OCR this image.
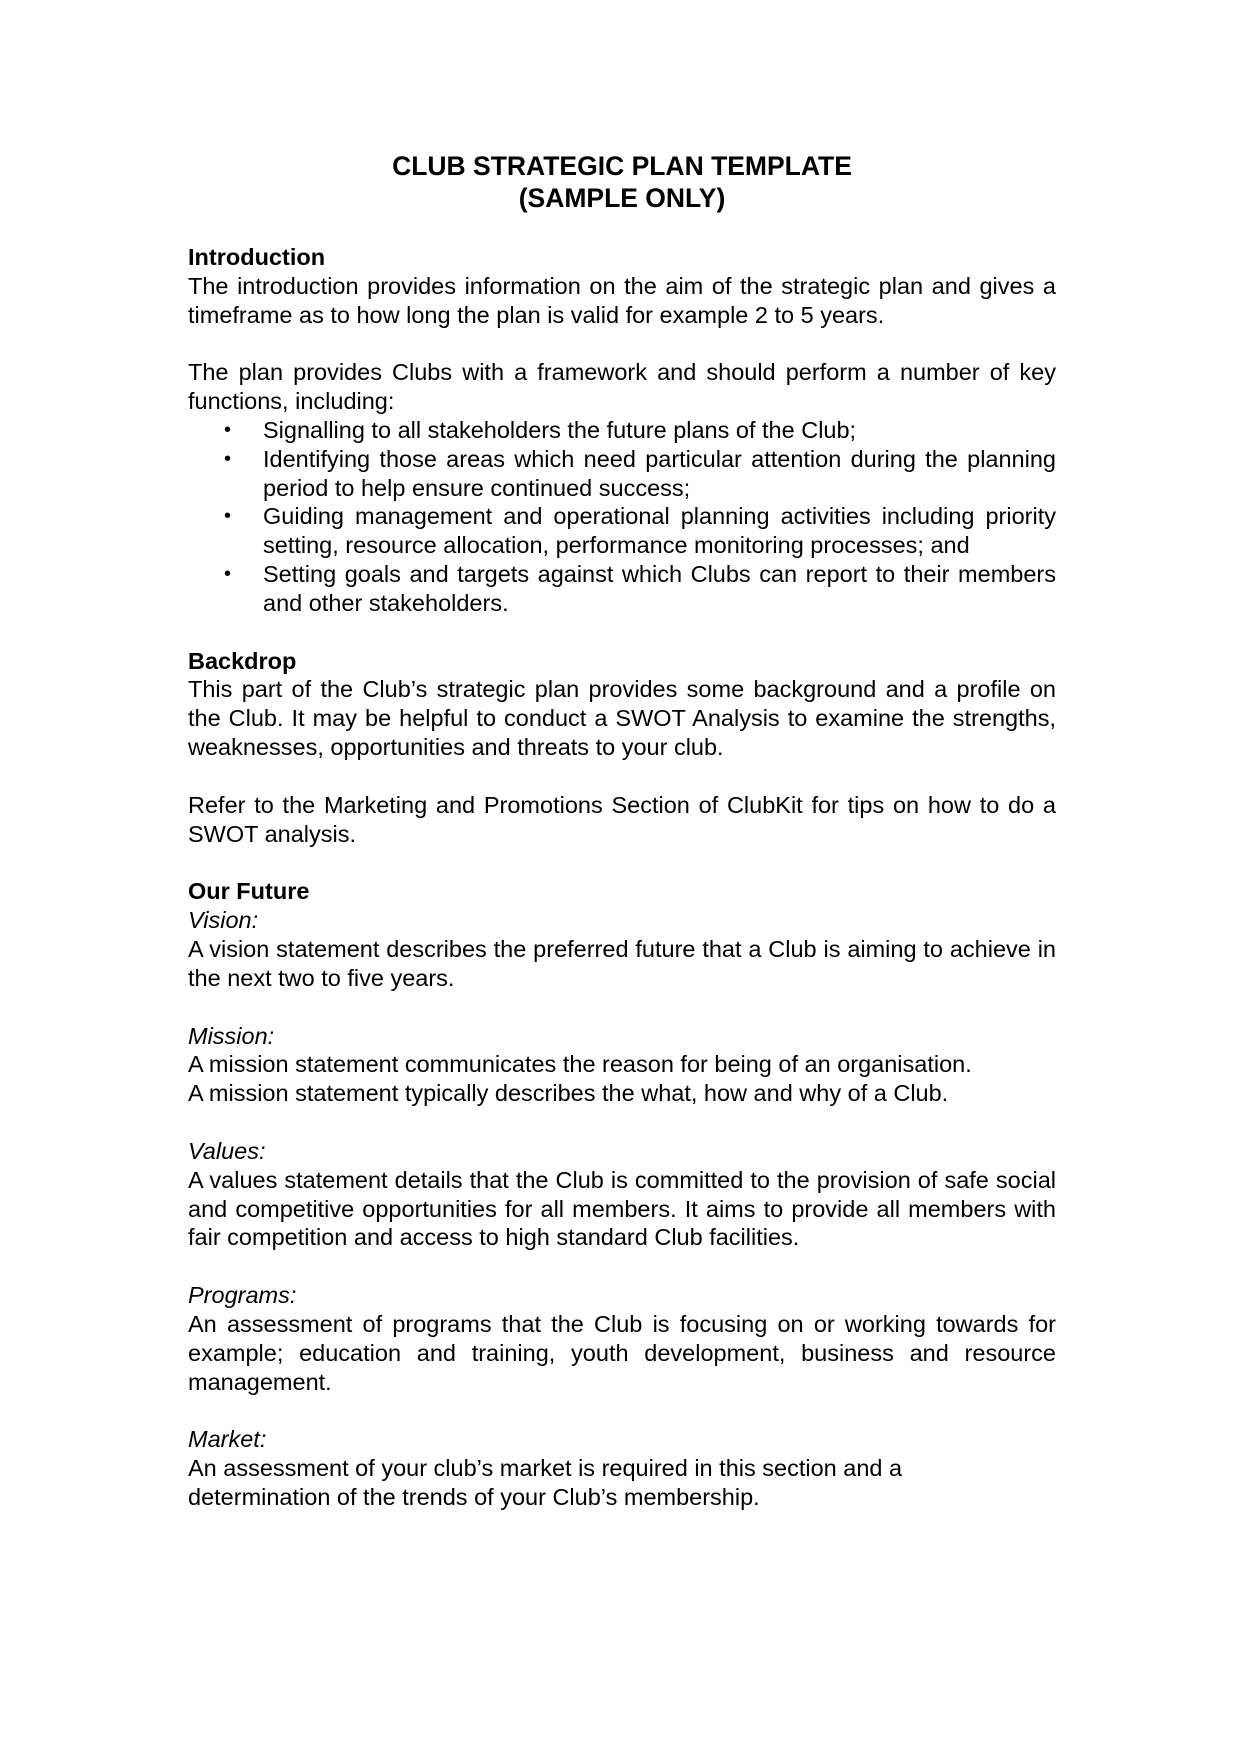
CLUB STRATEGIC PLAN TEMPLATE
(SAMPLE ONLY)
Introduction

The introduction provides information on the aim of the strategic plan and gives a timeframe as to how long the plan is valid for example 2 to 5 years.

The plan provides Clubs with a framework and should perform a number of key functions, including:

• Signalling to all stakeholders the future plans of the Club;
• Identifying those areas which need particular attention during the planning period to help ensure continued success;
• Guiding management and operational planning activities including priority setting, resource allocation, performance monitoring processes; and
• Setting goals and targets against which Clubs can report to their members and other stakeholders.
Backdrop

This part of the Club’s strategic plan provides some background and a profile on the Club. It may be helpful to conduct a SWOT Analysis to examine the strengths, weaknesses, opportunities and threats to your club.

Refer to the Marketing and Promotions Section of ClubKit for tips on how to do a SWOT analysis.

Our Future
Vision:

A vision statement describes the preferred future that a Club is aiming to achieve in the next two to five years.

Mission:

A mission statement communicates the reason for being of an organisation.

A mission statement typically describes the what, how and why of a Club.

Values:

A values statement details that the Club is committed to the provision of safe social and competitive opportunities for all members. It aims to provide all members with fair competition and access to high standard Club facilities.

Programs:

An assessment of programs that the Club is focusing on or working towards for example; education and training, youth development, business and resource management.

Market:

An assessment of your club’s market is required in this section and a

determination of the trends of your Club’s membership.
